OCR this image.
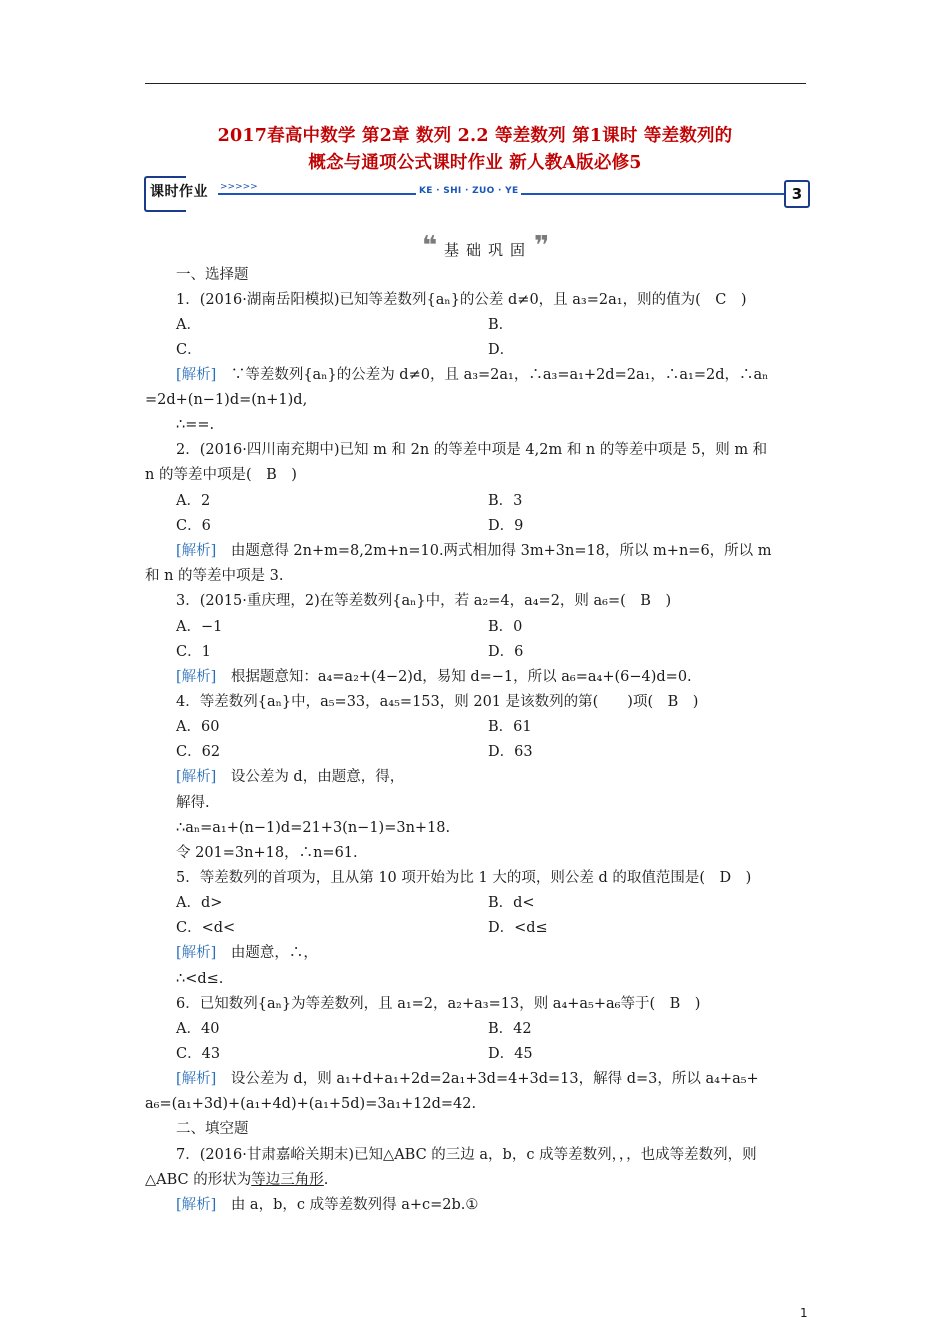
2017春高中数学 第2章 数列 2.2 等差数列 第1课时 等差数列的
概念与通项公式课时作业 新人教A版必修5
课时作业 >>>>>	KE · SHI · ZUO · YE	3
❝ 基础巩固 ❞
一、选择题
1．(2016·湖南岳阳模拟)已知等差数列{aₙ}的公差 d≠0，且 a₃=2a₁，则的值为(　C　)
A．	B．
C．	D．
[解析]　∵等差数列{aₙ}的公差为 d≠0，且 a₃=2a₁，∴a₃=a₁+2d=2a₁，∴a₁=2d，∴aₙ
=2d+(n−1)d=(n+1)d,
∴==.
2．(2016·四川南充期中)已知 m 和 2n 的等差中项是 4,2m 和 n 的等差中项是 5，则 m 和
n 的等差中项是(　B　)
A．2	B．3
C．6	D．9
[解析]　由题意得 2n+m=8,2m+n=10.两式相加得 3m+3n=18，所以 m+n=6，所以 m
和 n 的等差中项是 3.
3．(2015·重庆理，2)在等差数列{aₙ}中，若 a₂=4，a₄=2，则 a₆=(　B　)
A．−1	B．0
C．1	D．6
[解析]　根据题意知：a₄=a₂+(4−2)d，易知 d=−1，所以 a₆=a₄+(6−4)d=0.
4．等差数列{aₙ}中，a₅=33，a₄₅=153，则 201 是该数列的第(　　)项(　B　)
A．60	B．61
C．62	D．63
[解析]　设公差为 d，由题意，得，
解得.
∴aₙ=a₁+(n−1)d=21+3(n−1)=3n+18.
令 201=3n+18，∴n=61.
5．等差数列的首项为，且从第 10 项开始为比 1 大的项，则公差 d 的取值范围是(　D　)
A．d>	B．d<
C．<d<	D．<d≤
[解析]　由题意，∴，
∴<d≤.
6．已知数列{aₙ}为等差数列，且 a₁=2，a₂+a₃=13，则 a₄+a₅+a₆等于(　B　)
A．40	B．42
C．43	D．45
[解析]　设公差为 d，则 a₁+d+a₁+2d=2a₁+3d=4+3d=13，解得 d=3，所以 a₄+a₅+
a₆=(a₁+3d)+(a₁+4d)+(a₁+5d)=3a₁+12d=42.
二、填空题
7．(2016·甘肃嘉峪关期末)已知△ABC 的三边 a，b，c 成等差数列，，，也成等差数列，则
△ABC 的形状为等边三角形.
[解析]　由 a，b，c 成等差数列得 a+c=2b.①
1
